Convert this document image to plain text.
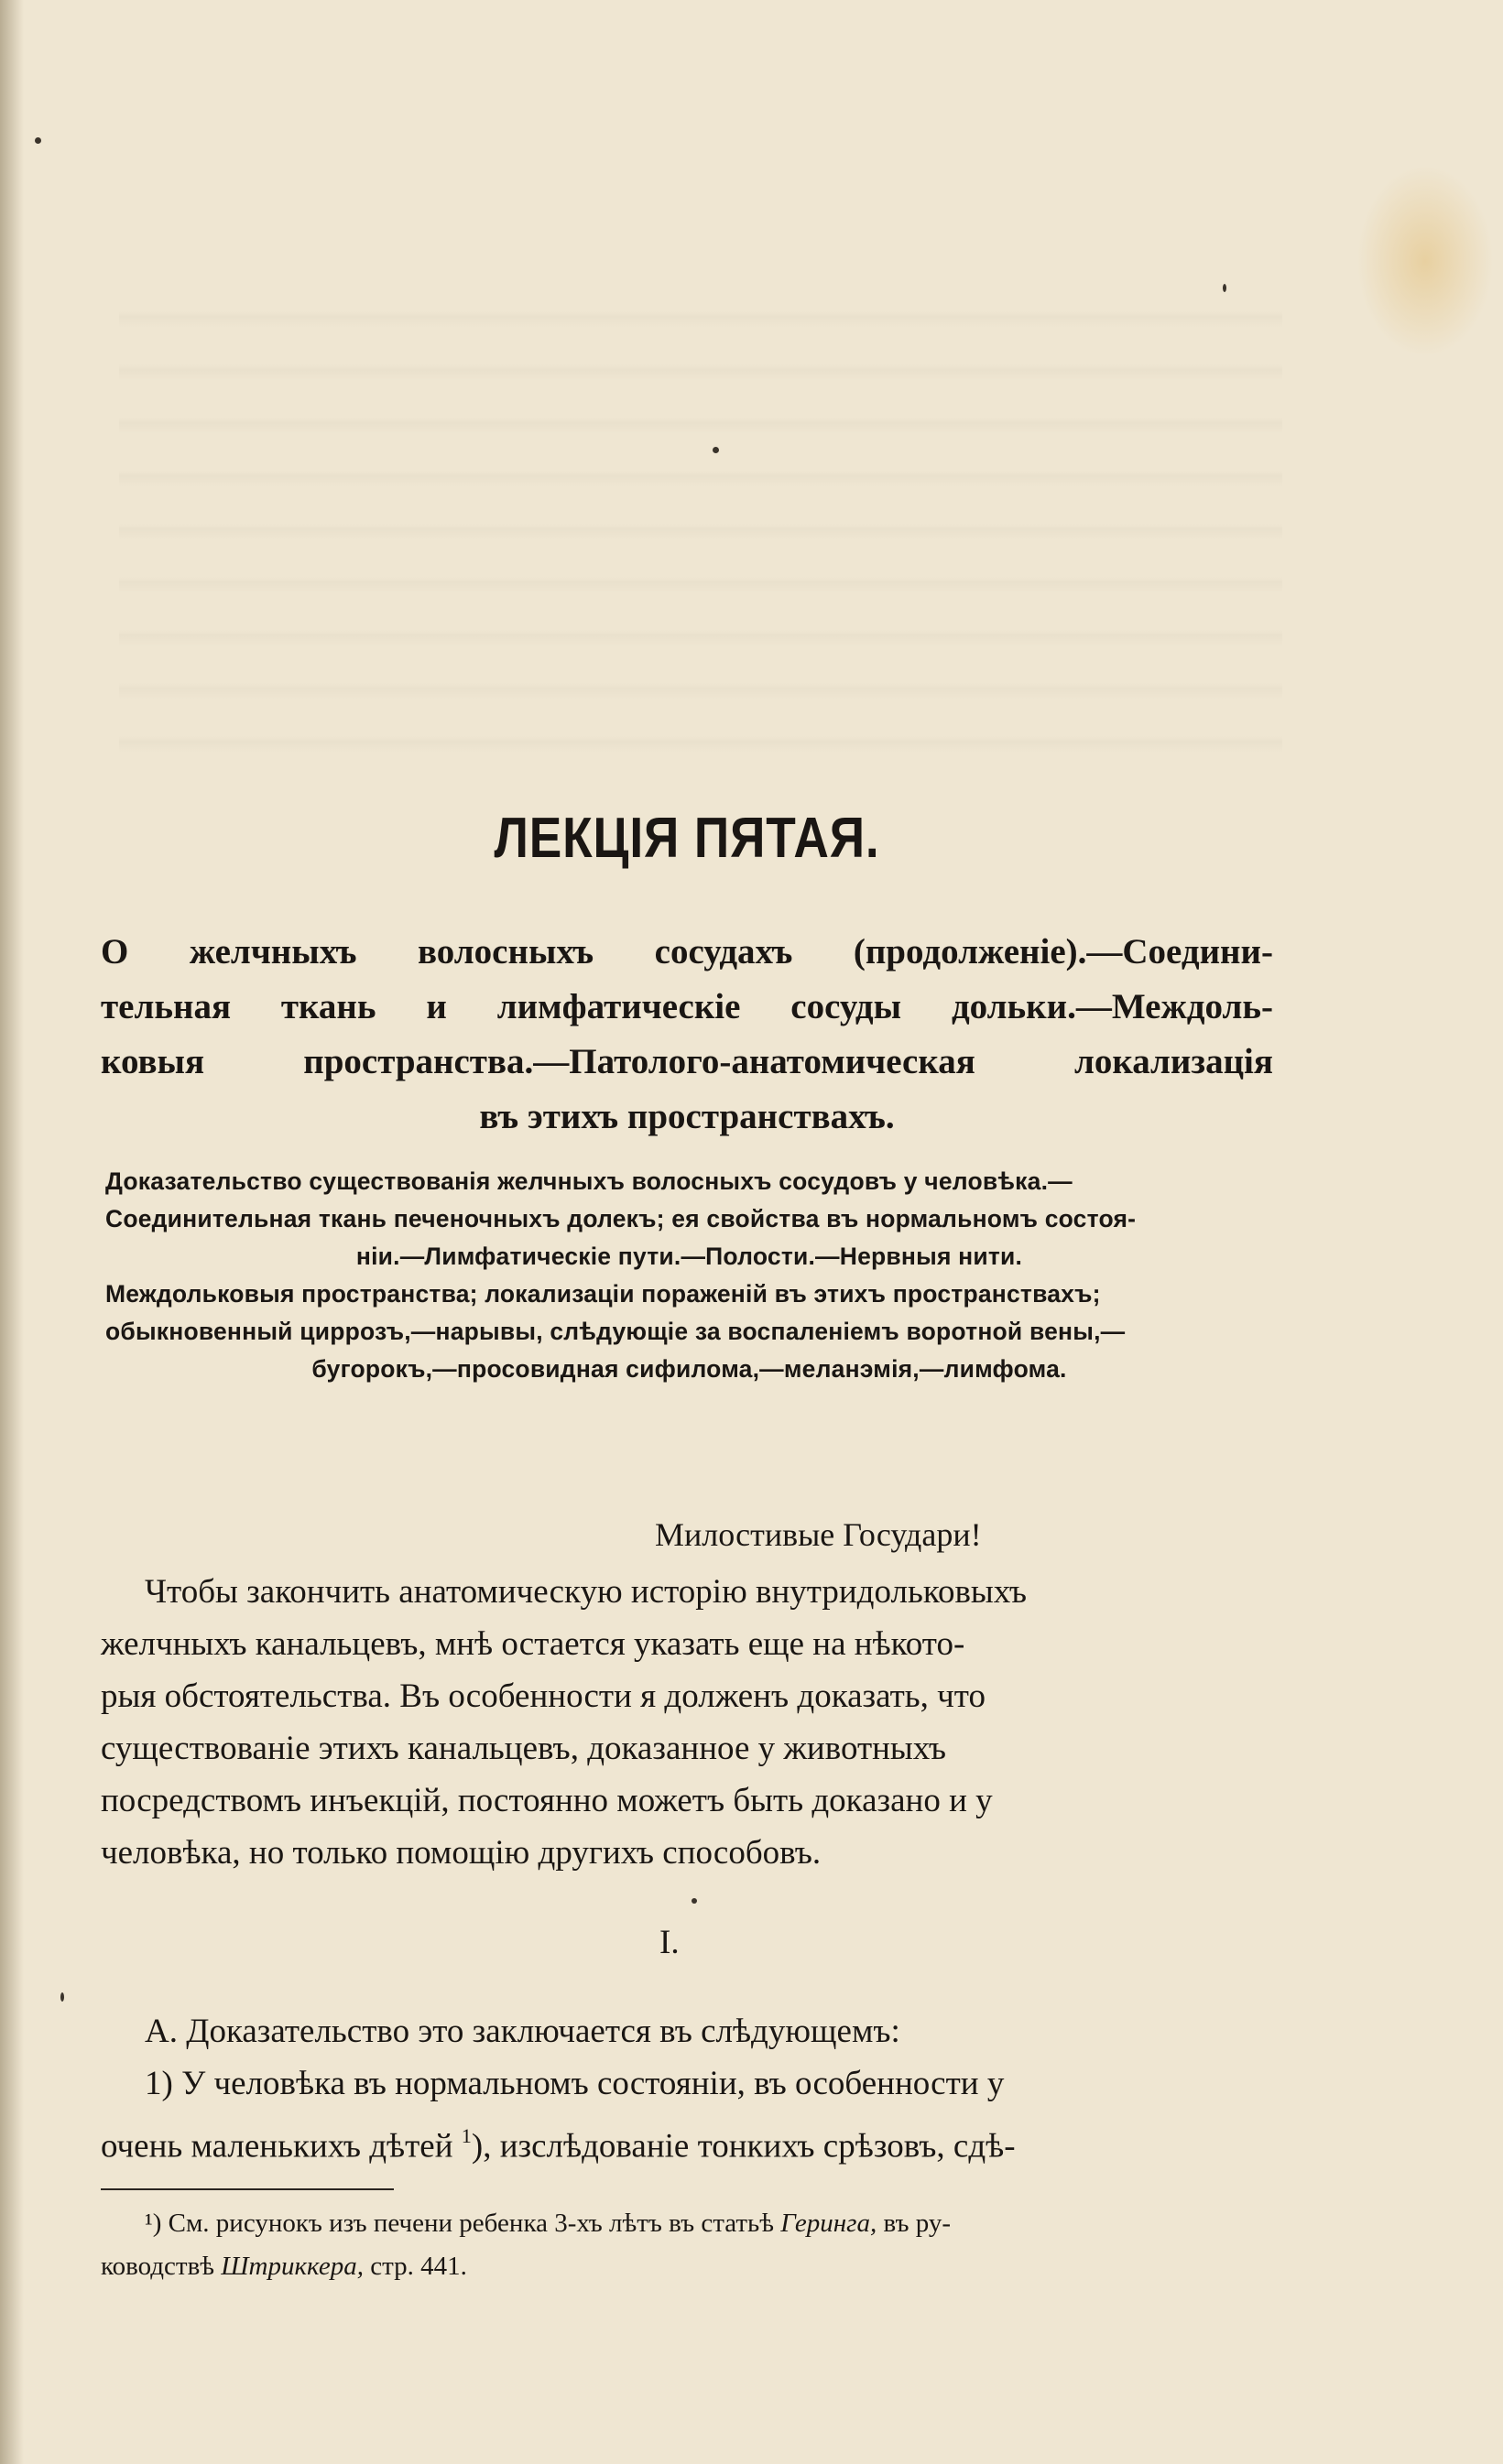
ЛЕКЦІЯ ПЯТАЯ.
О желчныхъ волосныхъ сосудахъ (продолженіе).—Соедини-
тельная ткань и лимфатическіе сосуды дольки.—Междоль-
ковыя	пространства.—Патолого-анатомическая	локализація
въ этихъ пространствахъ.
Доказательство существованія желчныхъ волосныхъ сосудовъ у человѣка.—
Соединительная ткань печеночныхъ долекъ; ея свойства въ нормальномъ состоя-
ніи.—Лимфатическіе пути.—Полости.—Нервныя нити.
Междольковыя пространства; локализаціи пораженій въ этихъ пространствахъ;
обыкновенный циррозъ,—нарывы, слѣдующіе за воспаленіемъ воротной вены,—
бугорокъ,—просовидная сифилома,—меланэмія,—лимфома.
Милостивые Государи!
Чтобы закончить анатомическую исторію внутридольковыхъ
желчныхъ канальцевъ, мнѣ остается указать еще на нѣкото-
рыя обстоятельства. Въ особенности я долженъ доказать, что
существованіе этихъ канальцевъ, доказанное у животныхъ
посредствомъ инъекцій, постоянно можетъ быть доказано и у
человѣка, но только помощію другихъ способовъ.
I.
А. Доказательство это заключается въ слѣдующемъ:
1) У человѣка въ нормальномъ состояніи, въ особенности у
очень маленькихъ дѣтей $^1$), изслѣдованіе тонкихъ срѣзовъ, сдѣ-
¹) См. рисунокъ изъ печени ребенка 3-хъ лѣтъ въ статьѣ Геринга, въ ру-
ководствѣ Штриккера, стр. 441.
